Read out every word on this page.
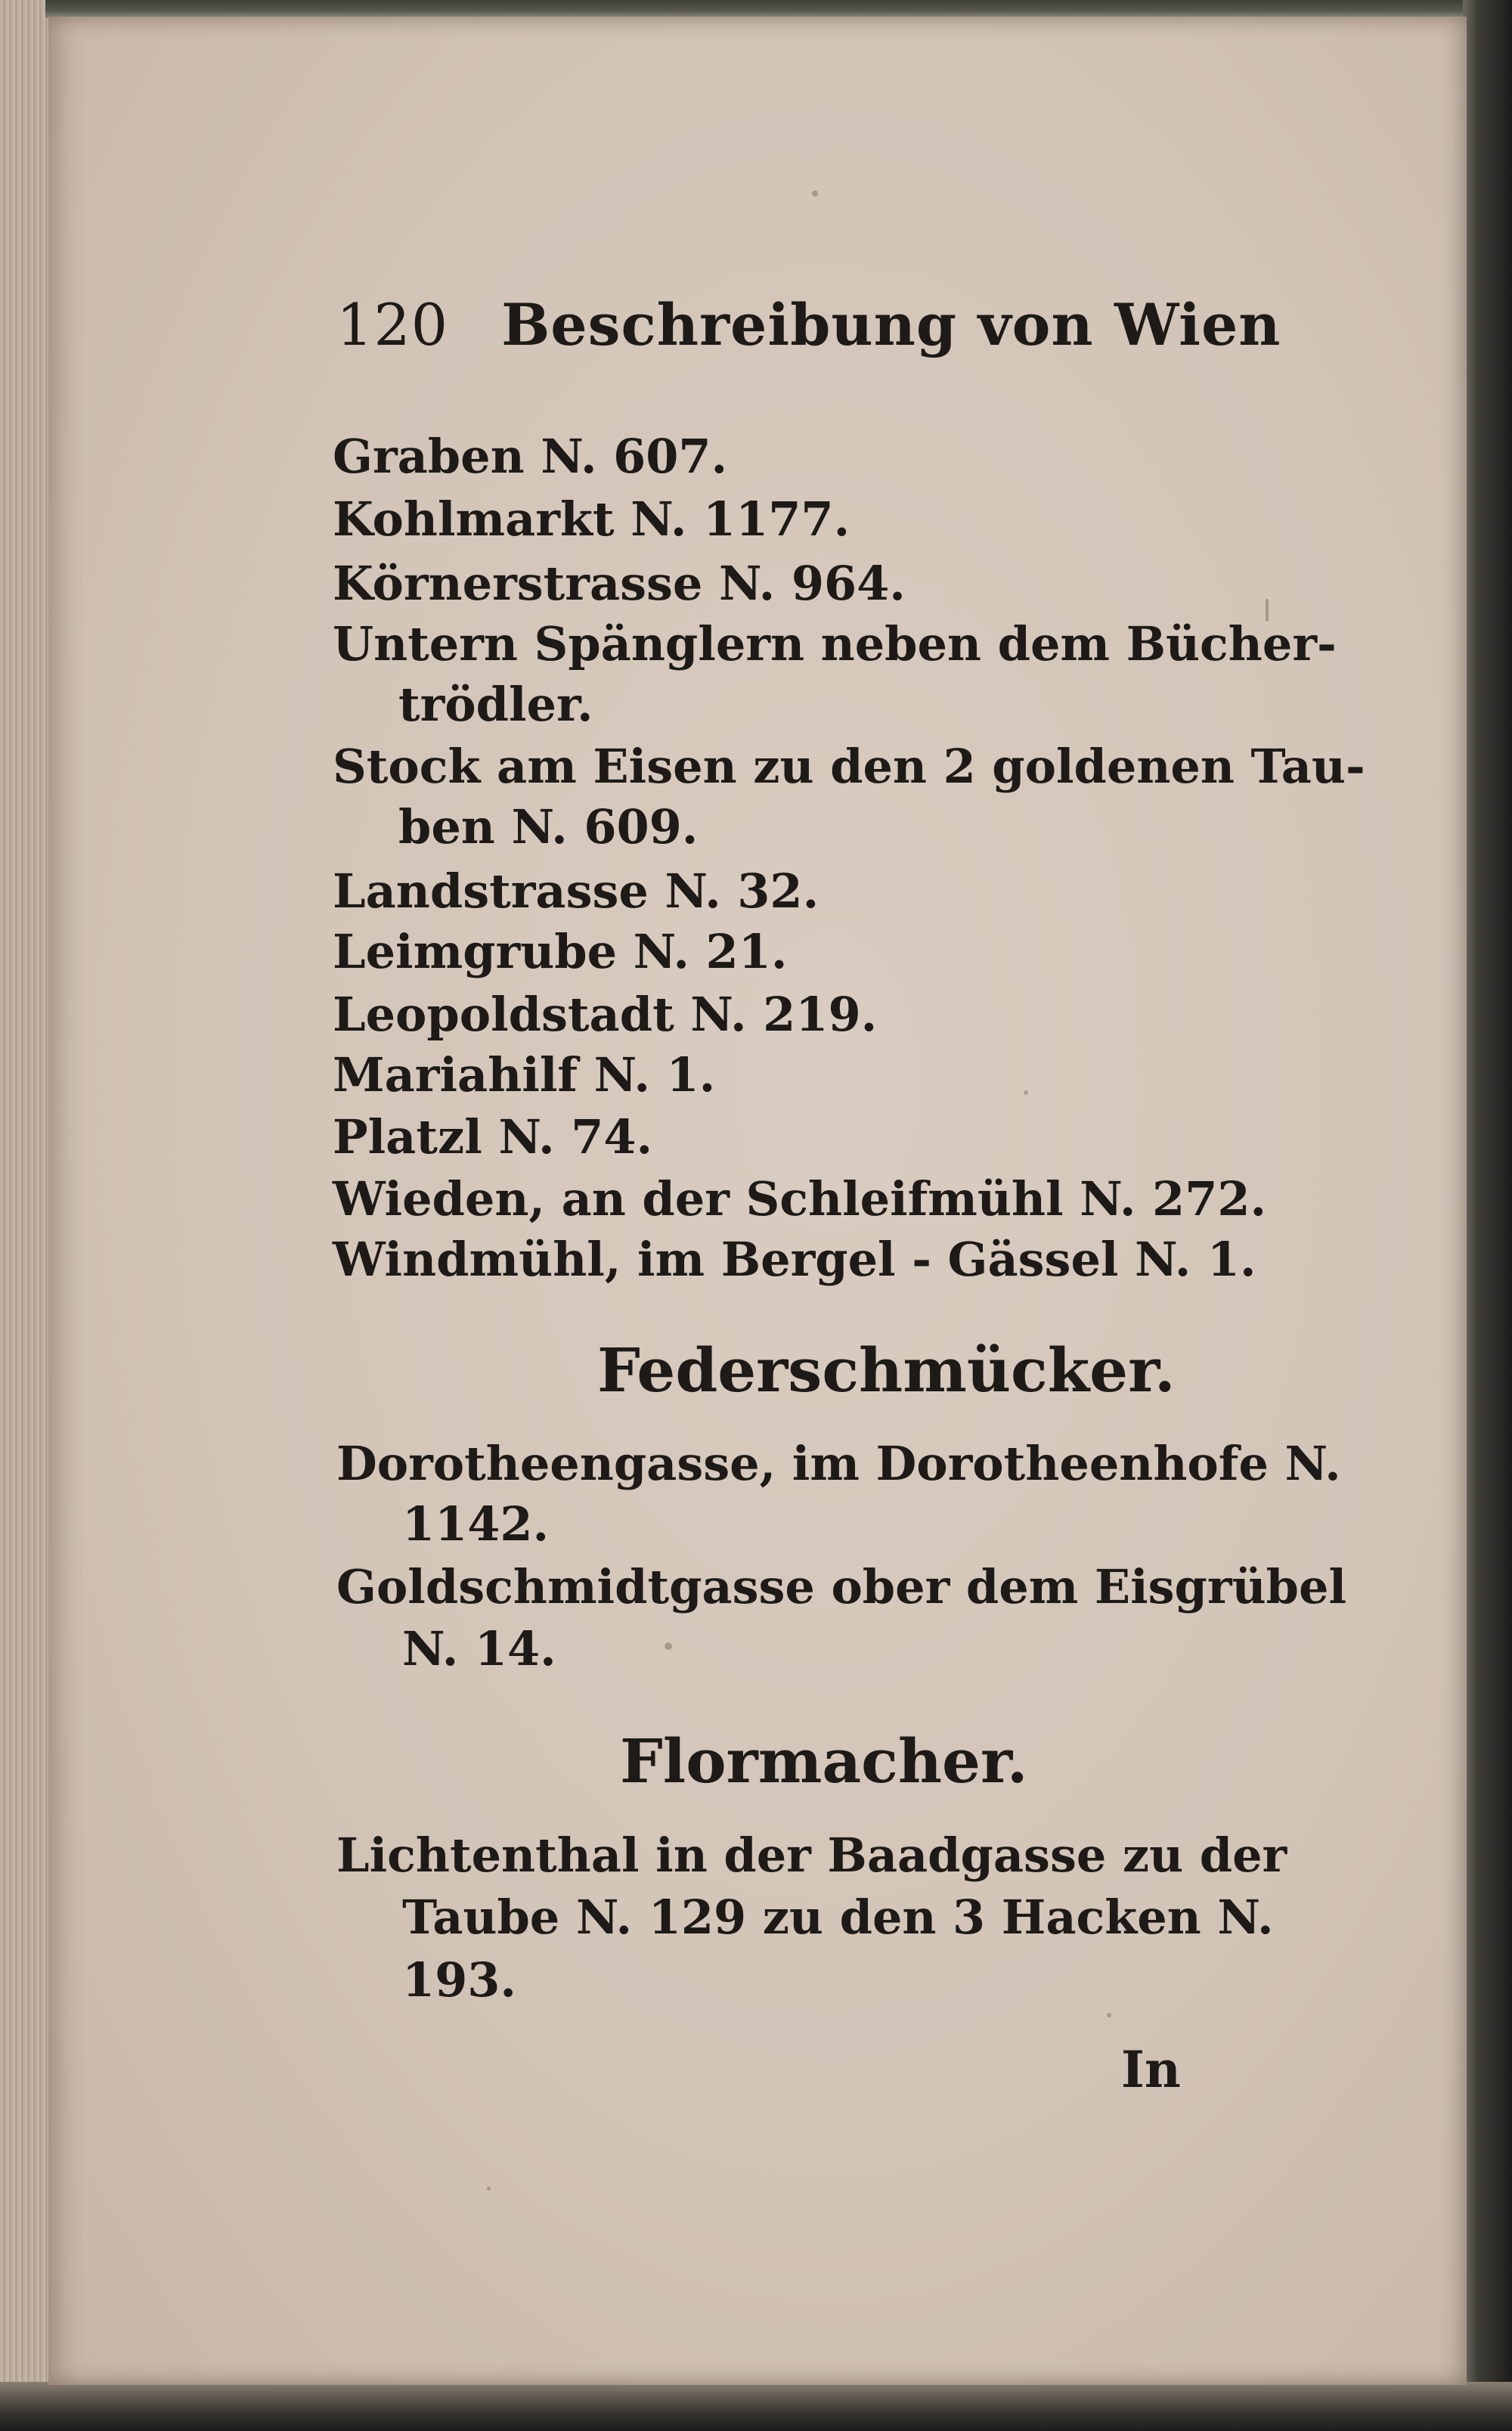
120 Beschreibung von Wien
Graben N. 607.
Kohlmarkt N. 1177.
Körnerstrasse N. 964.
Untern Spänglern neben dem Bücher-
trödler.
Stock am Eisen zu den 2 goldenen Tau-
ben N. 609.
Landstrasse N. 32.
Leimgrube N. 21.
Leopoldstadt N. 219.
Mariahilf N. 1.
Platzl N. 74.
Wieden, an der Schleifmühl N. 272.
Windmühl, im Bergel - Gässel N. 1.
Federschmücker.
Dorotheengasse, im Dorotheenhofe N.
1142.
Goldschmidtgasse ober dem Eisgrübel
N. 14.
Flormacher.
Lichtenthal in der Baadgasse zu der
Taube N. 129 zu den 3 Hacken N.
193.
In
